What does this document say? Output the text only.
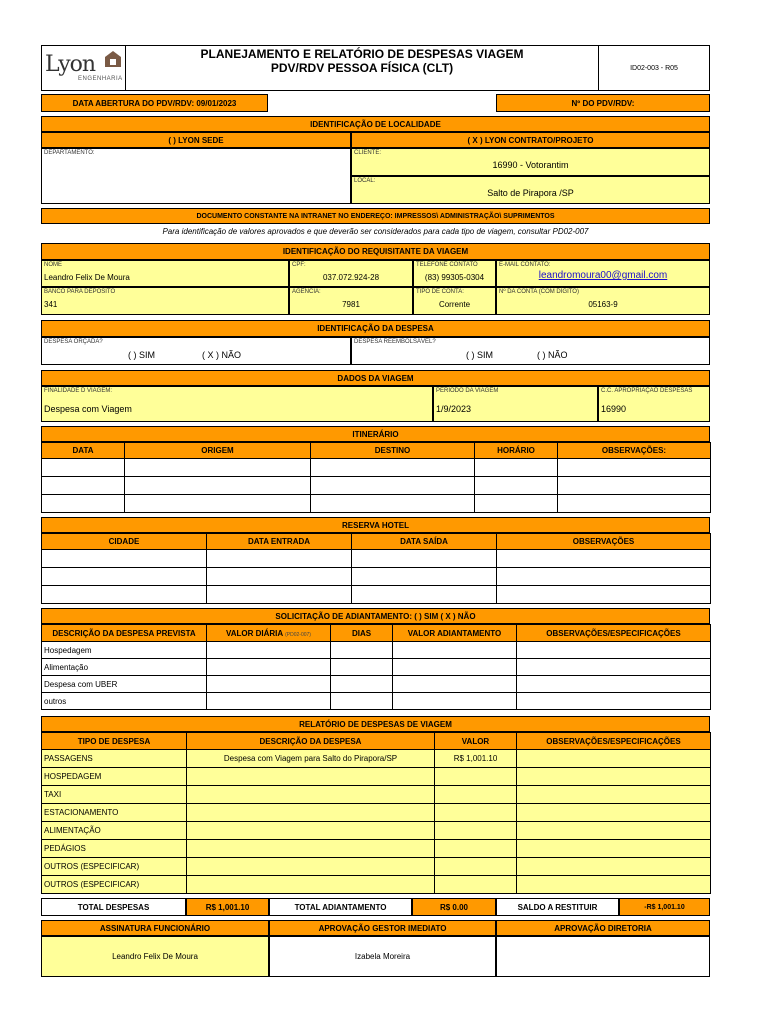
Lyon
ENGENHARIA
PLANEJAMENTO E RELATÓRIO DE DESPESAS VIAGEM
PDV/RDV PESSOA FÍSICA (CLT)	ID02-003 - R05
DATA ABERTURA DO PDV/RDV: 09/01/2023	Nº DO PDV/RDV:
IDENTIFICAÇÃO DE LOCALIDADE
( ) LYON SEDE	( X ) LYON CONTRATO/PROJETO
DEPARTAMENTO:	CLIENTE:
16990 - Votorantim
LOCAL:
Salto de Pirapora /SP
DOCUMENTO CONSTANTE NA INTRANET NO ENDEREÇO: IMPRESSOS\ ADMINISTRAÇÃO\ SUPRIMENTOS
Para identificação de valores aprovados e que deverão ser considerados para cada tipo de viagem, consultar PD02-007
IDENTIFICAÇÃO DO REQUISITANTE DA VIAGEM
NOME
Leandro Felix De Moura
CPF:
037.072.924-28
TELEFONE CONTATO
(83) 99305-0304
E-MAIL CONTATO:
leandromoura00@gmail.com
BANCO PARA DEPÓSITO
341
AGÊNCIA:
7981
TIPO DE CONTA:
Corrente
Nº DA CONTA (COM DÍGITO)
05163-9
IDENTIFICAÇÃO DA DESPESA
DESPESA ORÇADA?
( ) SIM	( X ) NÃO
DESPESA REEMBOLSÁVEL?
( ) SIM	( ) NÃO
DADOS DA VIAGEM
FINALIDADE D VIAGEM:
Despesa com Viagem
PERÍODO DA VIAGEM
1/9/2023
C.C. APROPRIAÇÃO DESPESAS
16990
ITINERÁRIO
DATA	ORIGEM	DESTINO	HORÁRIO	OBSERVAÇÕES:

RESERVA HOTEL
CIDADE	DATA ENTRADA	DATA SAÍDA	OBSERVAÇÕES

SOLICITAÇÃO DE ADIANTAMENTO: ( ) SIM ( X ) NÃO
DESCRIÇÃO DA DESPESA PREVISTA	VALOR DIÁRIA (PD02-007)	DIAS	VALOR ADIANTAMENTO	OBSERVAÇÕES/ESPECIFICAÇÕES
Hospedagem				
Alimentação				
Despesa com UBER				
outros				
RELATÓRIO DE DESPESAS DE VIAGEM
TIPO DE DESPESA	DESCRIÇÃO DA DESPESA	VALOR	OBSERVAÇÕES/ESPECIFICAÇÕES
PASSAGENS	Despesa com Viagem para Salto do Pirapora/SP	R$ 1,001.10	
HOSPEDAGEM			
TAXI			
ESTACIONAMENTO			
ALIMENTAÇÃO			
PEDÁGIOS			
OUTROS (ESPECIFICAR)			
OUTROS (ESPECIFICAR)			
TOTAL DESPESAS	R$ 1,001.10	TOTAL ADIANTAMENTO	R$ 0.00	SALDO A RESTITUIR	-R$ 1,001.10
ASSINATURA FUNCIONÁRIO	APROVAÇÃO GESTOR IMEDIATO	APROVAÇÃO DIRETORIA
Leandro Felix De Moura	Izabela Moreira
